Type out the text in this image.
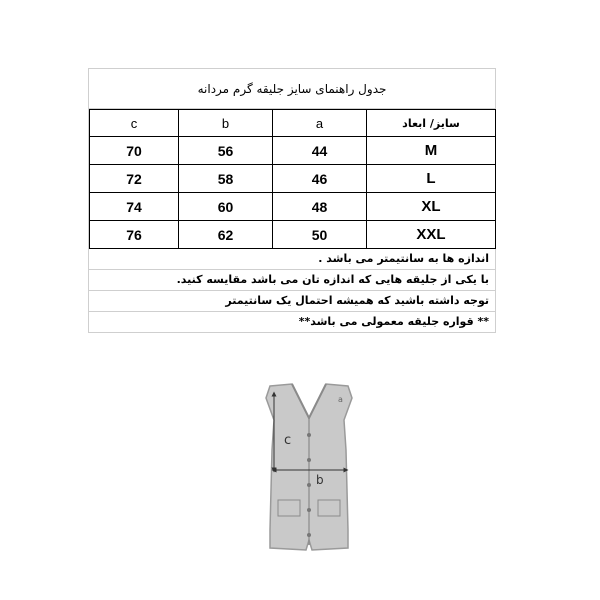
جدول راهنمای سایز جلیقه گرم مردانه
c	b	a	سایز/ ابعاد
70	56	44	M
72	58	46	L
74	60	48	XL
76	62	50	XXL
اندازه ها به سانتیمتر می باشد .
با یکی از جلیقه هایی که اندازه تان می باشد مقایسه کنید.
توجه داشته باشید که همیشه احتمال یک سانتیمتر
** قواره جلیقه معمولی می باشد**
c
b
a
